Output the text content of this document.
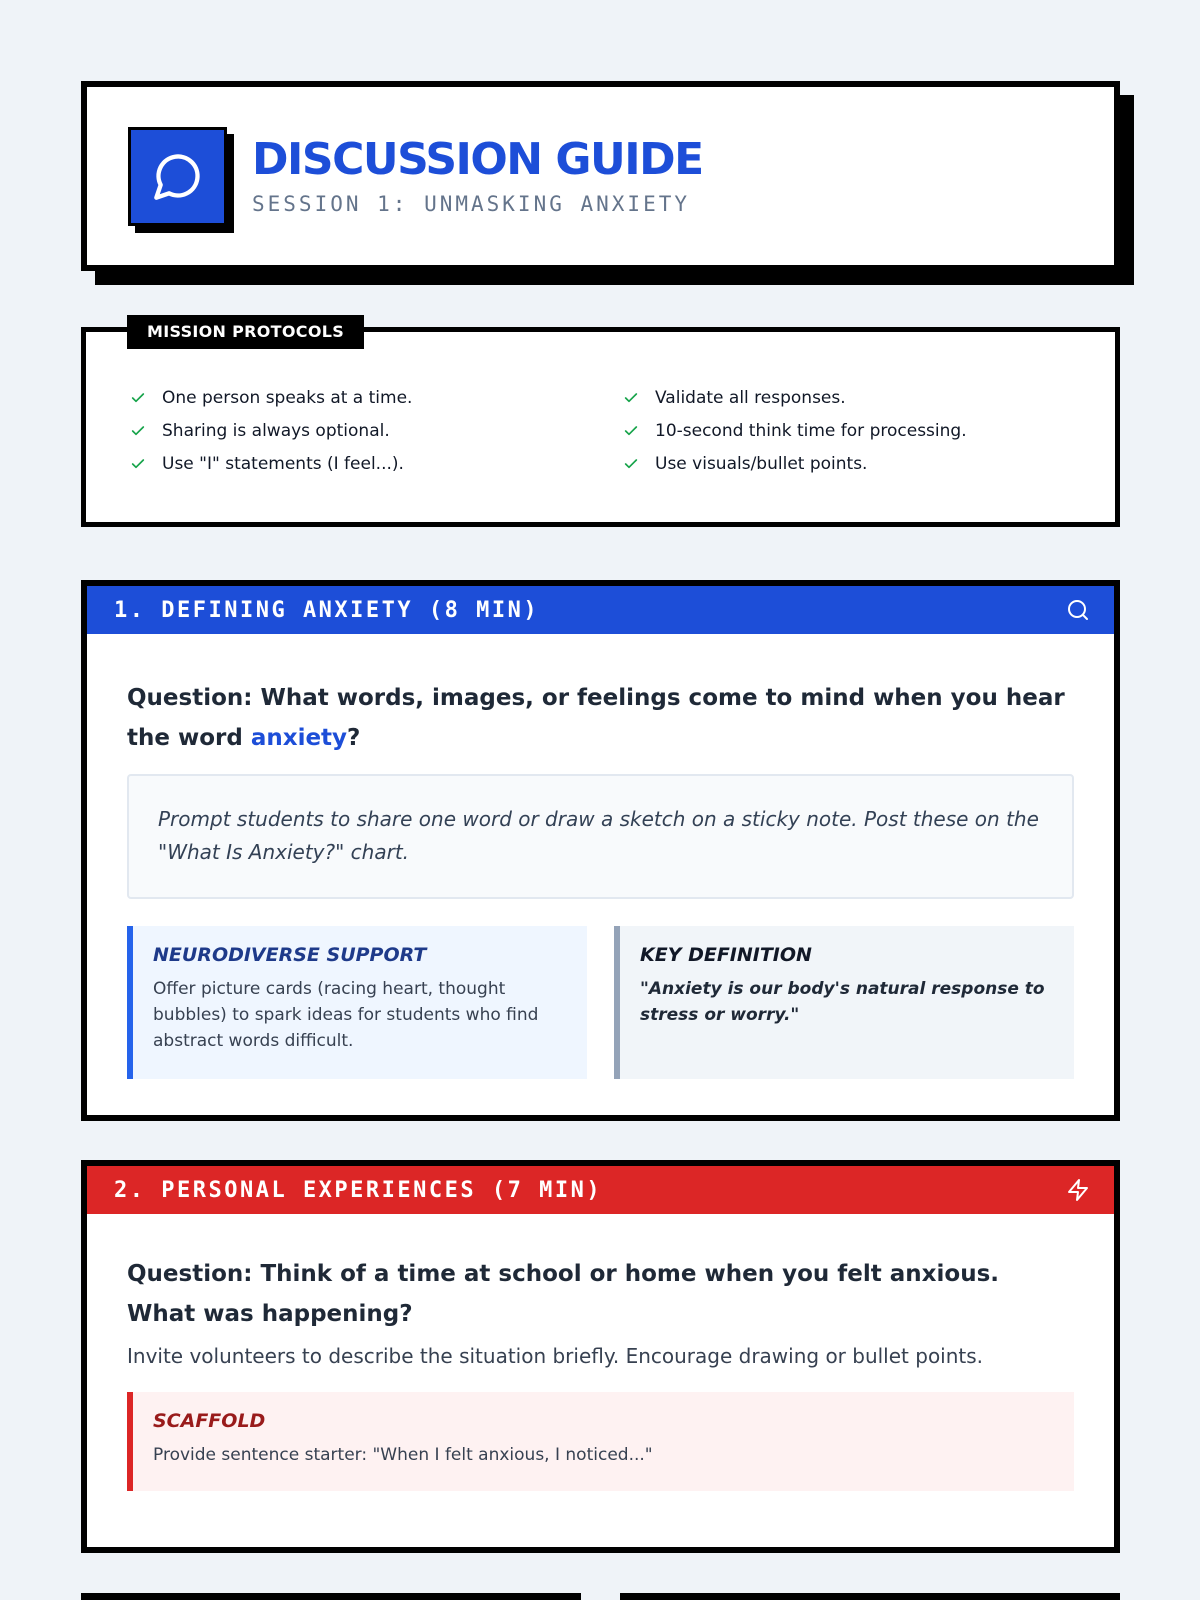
DISCUSSION GUIDE
SESSION 1: UNMASKING ANXIETY
MISSION PROTOCOLS
One person speaks at a time.	Validate all responses.
Sharing is always optional.	10-second think time for processing.
Use "I" statements (I feel...).	Use visuals/bullet points.
1. DEFINING ANXIETY (8 MIN)
Question: What words, images, or feelings come to mind when you hear the word anxiety?
Prompt students to share one word or draw a sketch on a sticky note. Post these on the "What Is Anxiety?" chart.
NEURODIVERSE SUPPORT
Offer picture cards (racing heart, thought bubbles) to spark ideas for students who find abstract words difficult.
KEY DEFINITION
"Anxiety is our body's natural response to stress or worry."
2. PERSONAL EXPERIENCES (7 MIN)
Question: Think of a time at school or home when you felt anxious. What was happening?
Invite volunteers to describe the situation briefly. Encourage drawing or bullet points.
SCAFFOLD
Provide sentence starter: "When I felt anxious, I noticed..."
